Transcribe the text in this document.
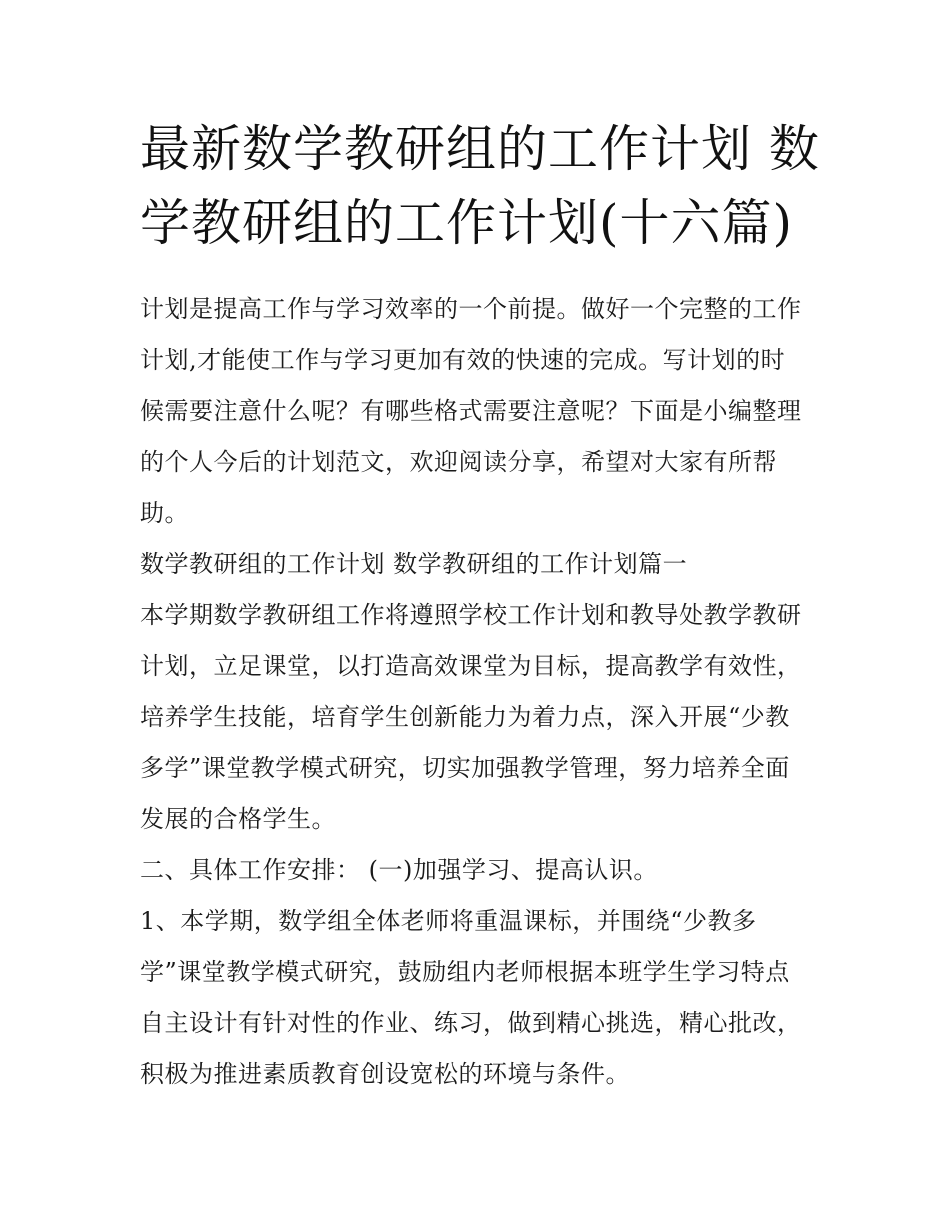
最新数学教研组的工作计划 数
学教研组的工作计划(十六篇)

计划是提高工作与学习效率的一个前提。做好一个完整的工作
计划,才能使工作与学习更加有效的快速的完成。写计划的时
候需要注意什么呢？有哪些格式需要注意呢？下面是小编整理
的个人今后的计划范文，欢迎阅读分享，希望对大家有所帮
助。

数学教研组的工作计划 数学教研组的工作计划篇一

本学期数学教研组工作将遵照学校工作计划和教导处教学教研
计划，立足课堂，以打造高效课堂为目标，提高教学有效性，
培养学生技能，培育学生创新能力为着力点，深入开展“少教
多学”课堂教学模式研究，切实加强教学管理，努力培养全面
发展的合格学生。

二、具体工作安排： (一)加强学习、提高认识。

1、本学期，数学组全体老师将重温课标，并围绕“少教多
学”课堂教学模式研究，鼓励组内老师根据本班学生学习特点
自主设计有针对性的作业、练习，做到精心挑选，精心批改，
积极为推进素质教育创设宽松的环境与条件。
